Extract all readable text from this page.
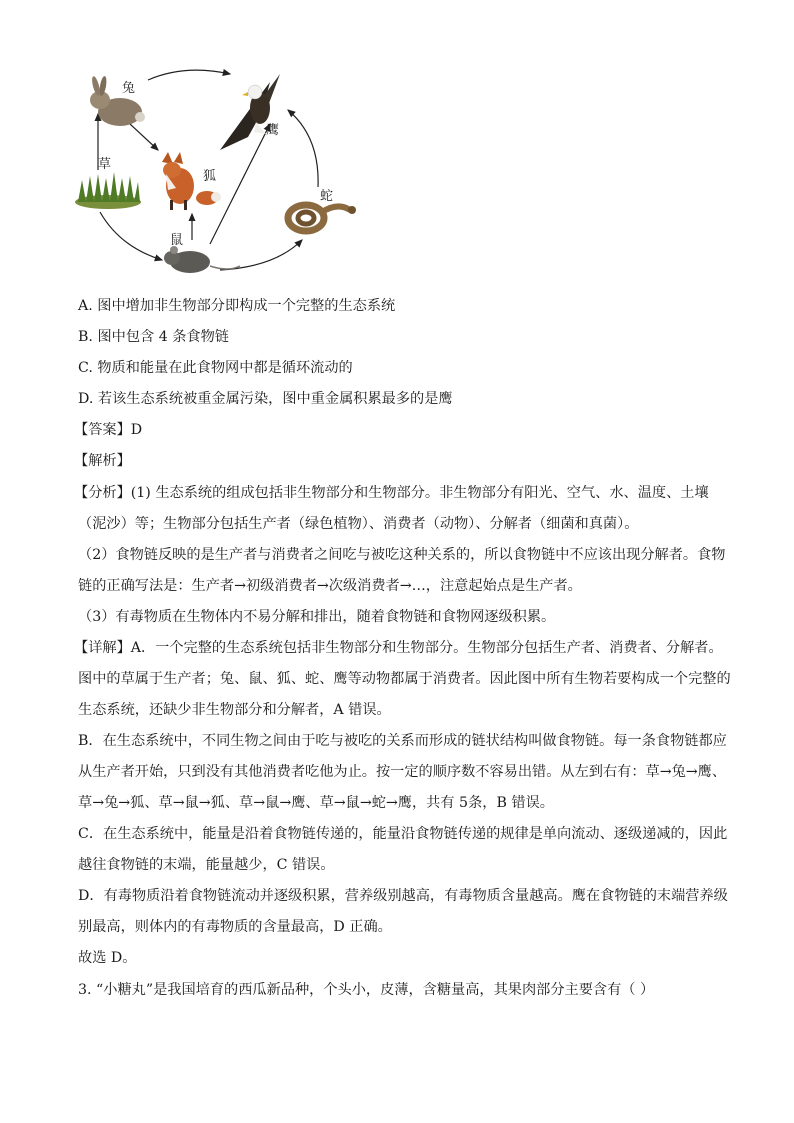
兔
鹰
草
狐
蛇
鼠
A. 图中增加非生物部分即构成一个完整的生态系统
B. 图中包含 4 条食物链
C. 物质和能量在此食物网中都是循环流动的
D. 若该生态系统被重金属污染，图中重金属积累最多的是鹰
【答案】D
【解析】
【分析】(1) 生态系统的组成包括非生物部分和生物部分。非生物部分有阳光、空气、水、温度、土壤
（泥沙）等；生物部分包括生产者（绿色植物）、消费者（动物）、分解者（细菌和真菌）。
（2）食物链反映的是生产者与消费者之间吃与被吃这种关系的，所以食物链中不应该出现分解者。食物
链的正确写法是：生产者→初级消费者→次级消费者→…，注意起始点是生产者。
（3）有毒物质在生物体内不易分解和排出，随着食物链和食物网逐级积累。
【详解】A．一个完整的生态系统包括非生物部分和生物部分。生物部分包括生产者、消费者、分解者。
图中的草属于生产者；兔、鼠、狐、蛇、鹰等动物都属于消费者。因此图中所有生物若要构成一个完整的
生态系统，还缺少非生物部分和分解者，A 错误。
B．在生态系统中，不同生物之间由于吃与被吃的关系而形成的链状结构叫做食物链。每一条食物链都应
从生产者开始，只到没有其他消费者吃他为止。按一定的顺序数不容易出错。从左到右有：草→兔→鹰、
草→兔→狐、草→鼠→狐、草→鼠→鹰、草→鼠→蛇→鹰，共有 5条，B 错误。
C．在生态系统中，能量是沿着食物链传递的，能量沿食物链传递的规律是单向流动、逐级递减的，因此
越往食物链的末端，能量越少，C 错误。
D．有毒物质沿着食物链流动并逐级积累，营养级别越高，有毒物质含量越高。鹰在食物链的末端营养级
别最高，则体内的有毒物质的含量最高，D 正确。
故选 D。
3. “小糖丸”是我国培育的西瓜新品种，个头小，皮薄，含糖量高，其果肉部分主要含有（ ）
